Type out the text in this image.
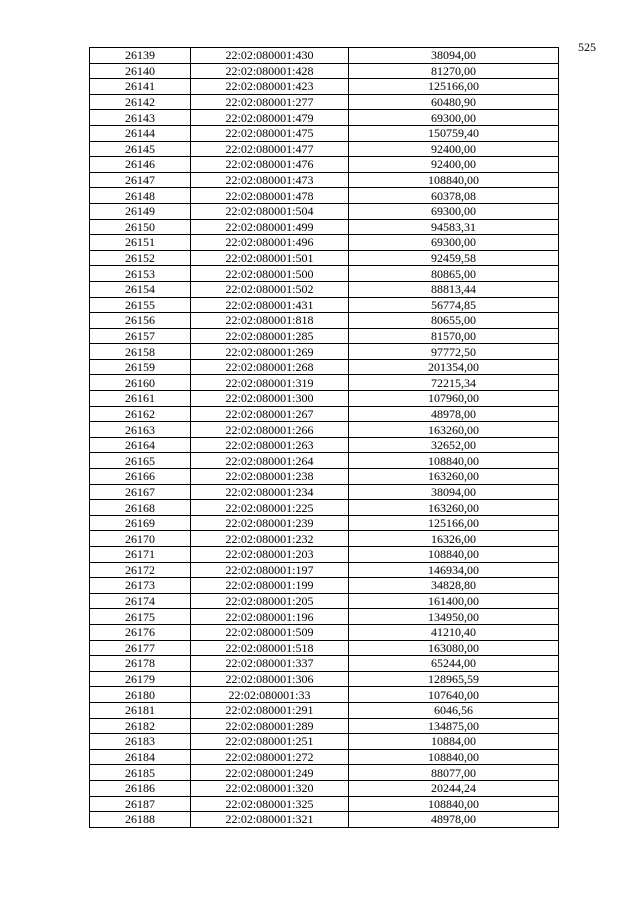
525
26139	22:02:080001:430	38094,00
26140	22:02:080001:428	81270,00
26141	22:02:080001:423	125166,00
26142	22:02:080001:277	60480,90
26143	22:02:080001:479	69300,00
26144	22:02:080001:475	150759,40
26145	22:02:080001:477	92400,00
26146	22:02:080001:476	92400,00
26147	22:02:080001:473	108840,00
26148	22:02:080001:478	60378,08
26149	22:02:080001:504	69300,00
26150	22:02:080001:499	94583,31
26151	22:02:080001:496	69300,00
26152	22:02:080001:501	92459,58
26153	22:02:080001:500	80865,00
26154	22:02:080001:502	88813,44
26155	22:02:080001:431	56774,85
26156	22:02:080001:818	80655,00
26157	22:02:080001:285	81570,00
26158	22:02:080001:269	97772,50
26159	22:02:080001:268	201354,00
26160	22:02:080001:319	72215,34
26161	22:02:080001:300	107960,00
26162	22:02:080001:267	48978,00
26163	22:02:080001:266	163260,00
26164	22:02:080001:263	32652,00
26165	22:02:080001:264	108840,00
26166	22:02:080001:238	163260,00
26167	22:02:080001:234	38094,00
26168	22:02:080001:225	163260,00
26169	22:02:080001:239	125166,00
26170	22:02:080001:232	16326,00
26171	22:02:080001:203	108840,00
26172	22:02:080001:197	146934,00
26173	22:02:080001:199	34828,80
26174	22:02:080001:205	161400,00
26175	22:02:080001:196	134950,00
26176	22:02:080001:509	41210,40
26177	22:02:080001:518	163080,00
26178	22:02:080001:337	65244,00
26179	22:02:080001:306	128965,59
26180	22:02:080001:33	107640,00
26181	22:02:080001:291	6046,56
26182	22:02:080001:289	134875,00
26183	22:02:080001:251	10884,00
26184	22:02:080001:272	108840,00
26185	22:02:080001:249	88077,00
26186	22:02:080001:320	20244,24
26187	22:02:080001:325	108840,00
26188	22:02:080001:321	48978,00
